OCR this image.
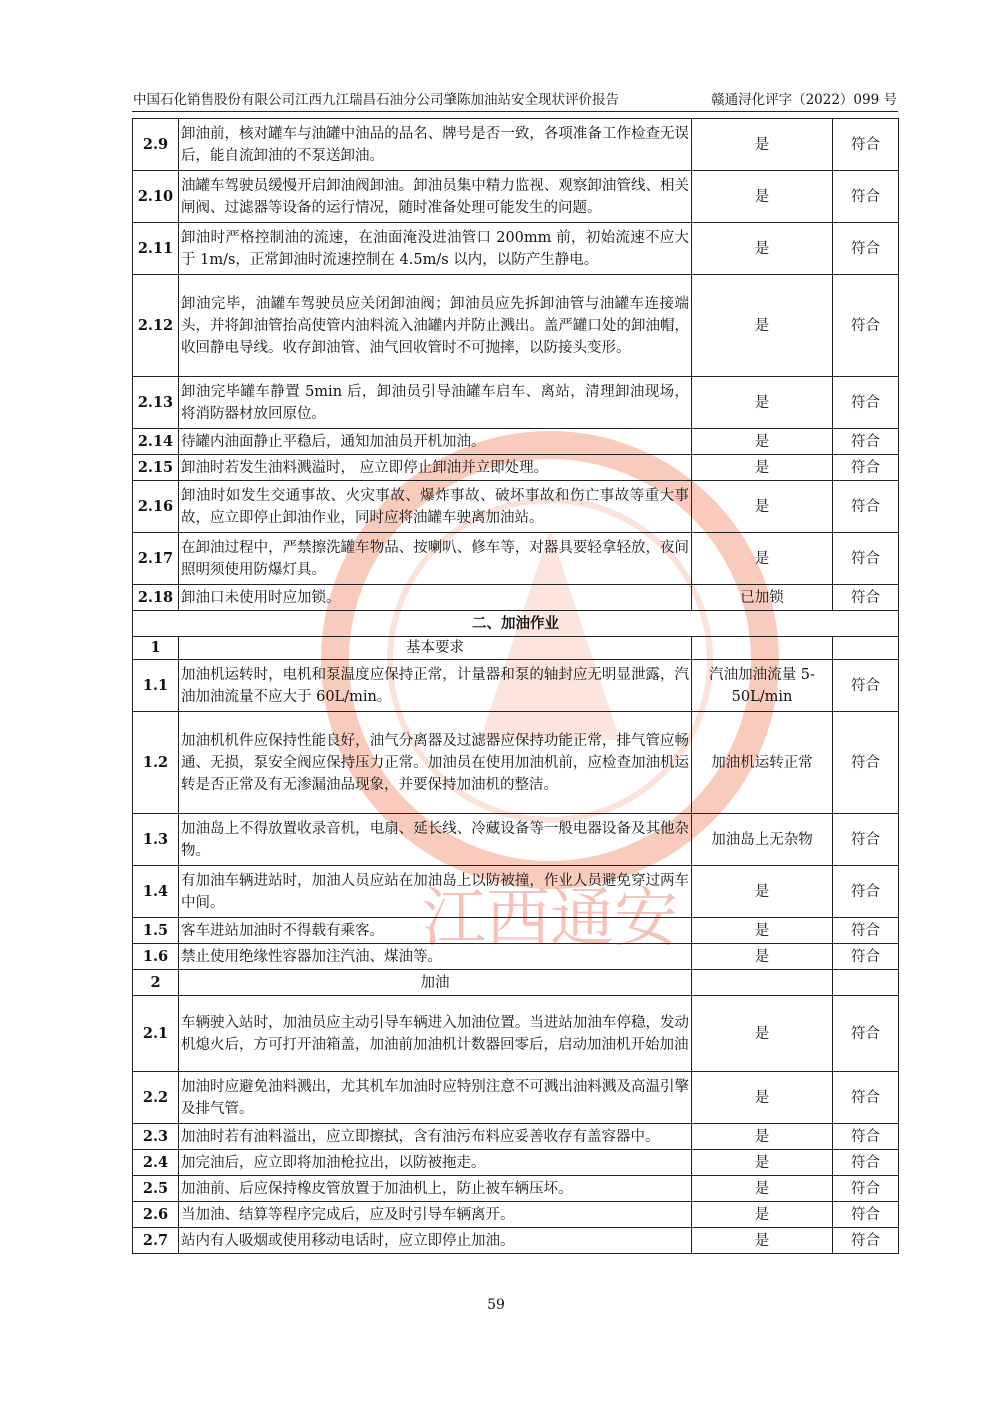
中国石化销售股份有限公司江西九江瑞昌石油分公司肇陈加油站安全现状评价报告	赣通浔化评字（2022）099 号
江西通安
2.9	卸油前，核对罐车与油罐中油品的品名、牌号是否一致，各项准备工作检查无误后，能自流卸油的不泵送卸油。	是	符合
2.10	油罐车驾驶员缓慢开启卸油阀卸油。卸油员集中精力监视、观察卸油管线、相关闸阀、过滤器等设备的运行情况，随时准备处理可能发生的问题。	是	符合
2.11	卸油时严格控制油的流速，在油面淹没进油管口 200mm 前，初始流速不应大于 1m/s，正常卸油时流速控制在 4.5m/s 以内，以防产生静电。	是	符合
2.12	卸油完毕，油罐车驾驶员应关闭卸油阀；卸油员应先拆卸油管与油罐车连接端头，并将卸油管抬高使管内油料流入油罐内并防止溅出。盖严罐口处的卸油帽，收回静电导线。收存卸油管、油气回收管时不可抛摔，以防接头变形。	是	符合
2.13	卸油完毕罐车静置 5min 后，卸油员引导油罐车启车、离站，清理卸油现场，将消防器材放回原位。	是	符合
2.14	待罐内油面静止平稳后，通知加油员开机加油。	是	符合
2.15	卸油时若发生油料溅溢时， 应立即停止卸油并立即处理。	是	符合
2.16	卸油时如发生交通事故、火灾事故、爆炸事故、破坏事故和伤亡事故等重大事故，应立即停止卸油作业，同时应将油罐车驶离加油站。	是	符合
2.17	在卸油过程中，严禁擦洗罐车物品、按喇叭、修车等，对器具要轻拿轻放，夜间照明须使用防爆灯具。	是	符合
2.18	卸油口未使用时应加锁。	已加锁	符合
二、加油作业			
1	基本要求		
1.1	加油机运转时，电机和泵温度应保持正常，计量器和泵的轴封应无明显泄露，汽油加油流量不应大于 60L/min。	汽油加油流量 5-50L/min	符合
1.2	加油机机件应保持性能良好，油气分离器及过滤器应保持功能正常，排气管应畅通、无损，泵安全阀应保持压力正常。加油员在使用加油机前，应检查加油机运转是否正常及有无渗漏油品现象，并要保持加油机的整洁。	加油机运转正常	符合
1.3	加油岛上不得放置收录音机，电扇、延长线、冷藏设备等一般电器设备及其他杂物。	加油岛上无杂物	符合
1.4	有加油车辆进站时，加油人员应站在加油岛上以防被撞，作业人员避免穿过两车中间。	是	符合
1.5	客车进站加油时不得载有乘客。	是	符合
1.6	禁止使用绝缘性容器加注汽油、煤油等。	是	符合
2	加油		
2.1	车辆驶入站时，加油员应主动引导车辆进入加油位置。当进站加油车停稳，发动机熄火后，方可打开油箱盖，加油前加油机计数器回零后，启动加油机开始加油	是	符合
2.2	加油时应避免油料溅出，尤其机车加油时应特别注意不可溅出油料溅及高温引擎及排气管。	是	符合
2.3	加油时若有油料溢出，应立即擦拭，含有油污布料应妥善收存有盖容器中。	是	符合
2.4	加完油后，应立即将加油枪拉出，以防被拖走。	是	符合
2.5	加油前、后应保持橡皮管放置于加油机上，防止被车辆压坏。	是	符合
2.6	当加油、结算等程序完成后，应及时引导车辆离开。	是	符合
2.7	站内有人吸烟或使用移动电话时，应立即停止加油。	是	符合
59
